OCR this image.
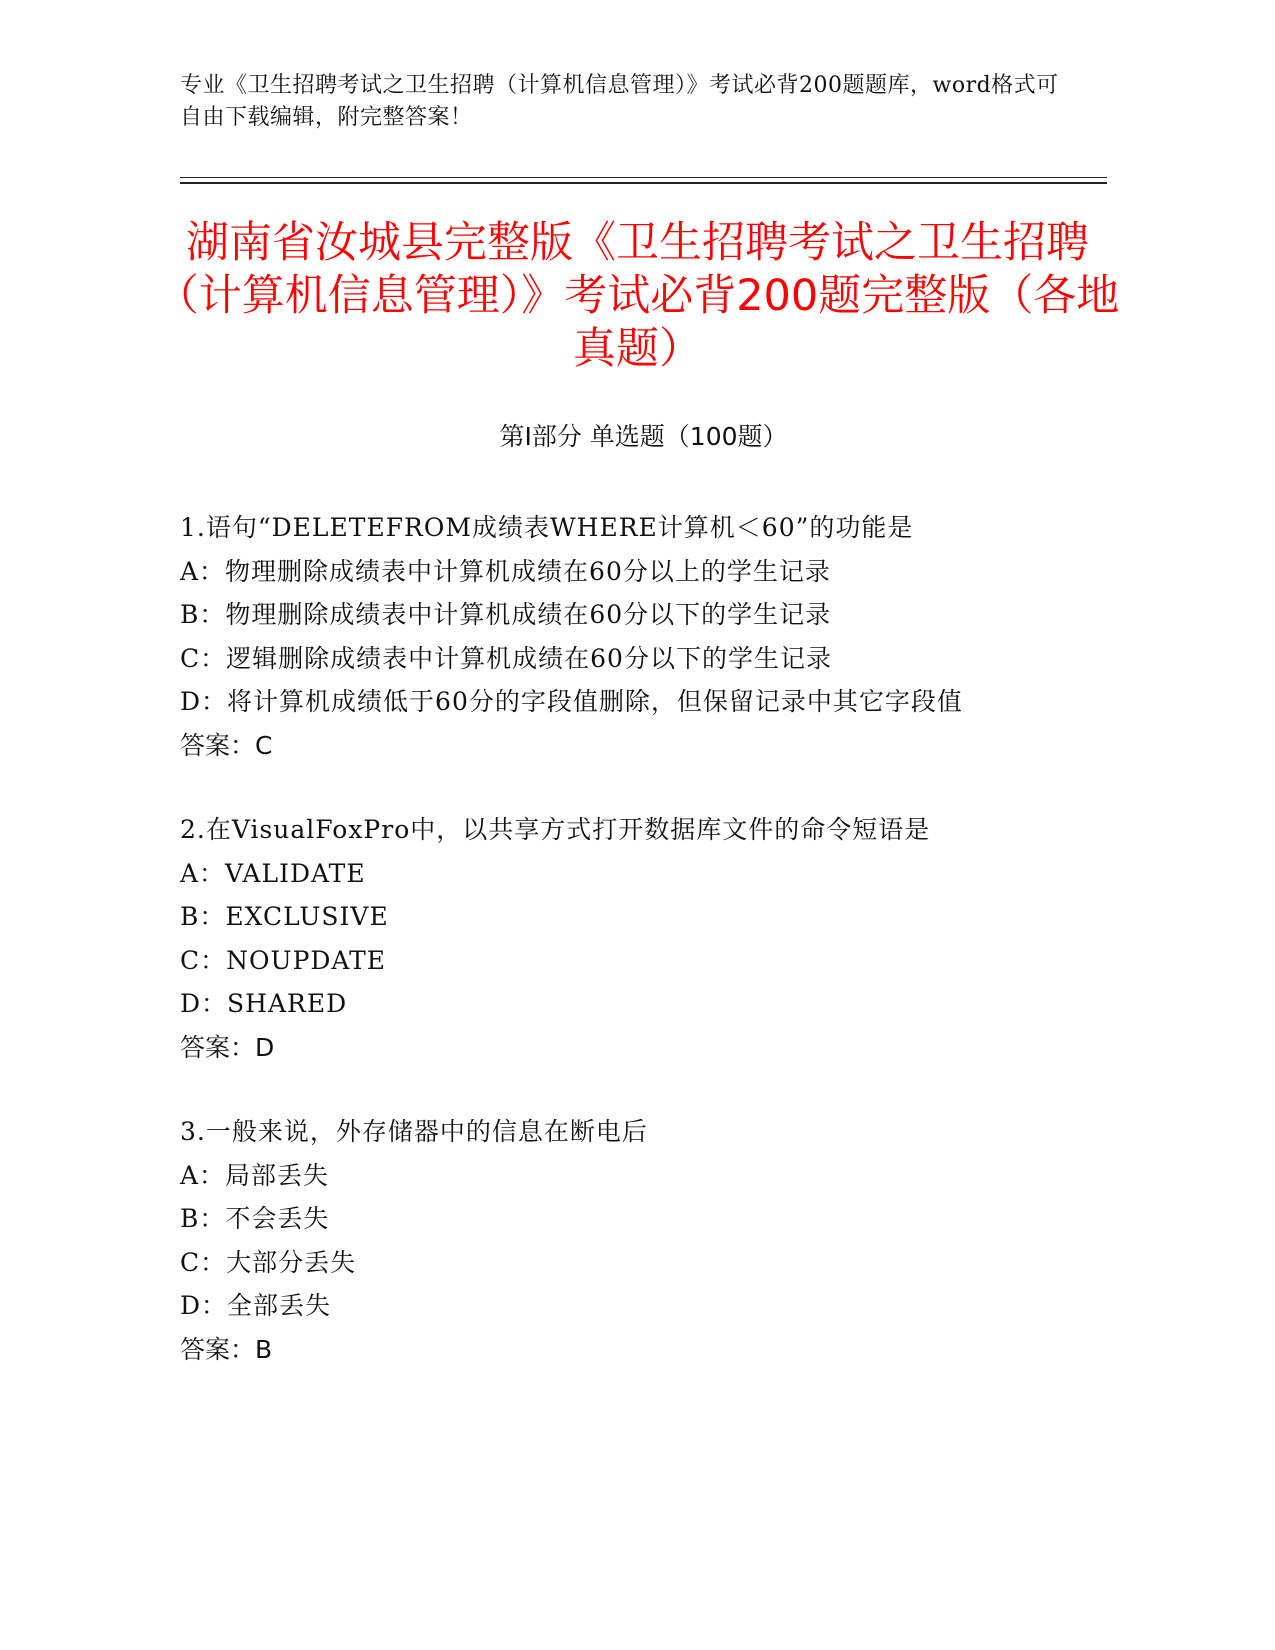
专业《卫生招聘考试之卫生招聘（计算机信息管理）》考试必背200题题库，word格式可自由下载编辑，附完整答案！
湖南省汝城县完整版《卫生招聘考试之卫生招聘（计算机信息管理）》考试必背200题完整版（各地真题）
第Ⅰ部分 单选题（100题）
1.语句“DELETEFROM成绩表WHERE计算机＜60”的功能是
A：物理删除成绩表中计算机成绩在60分以上的学生记录
B：物理删除成绩表中计算机成绩在60分以下的学生记录
C：逻辑删除成绩表中计算机成绩在60分以下的学生记录
D：将计算机成绩低于60分的字段值删除，但保留记录中其它字段值
答案：C
2.在VisualFoxPro中，以共享方式打开数据库文件的命令短语是
A：VALIDATE
B：EXCLUSIVE
C：NOUPDATE
D：SHARED
答案：D
3.一般来说，外存储器中的信息在断电后
A：局部丢失
B：不会丢失
C：大部分丢失
D：全部丢失
答案：B
